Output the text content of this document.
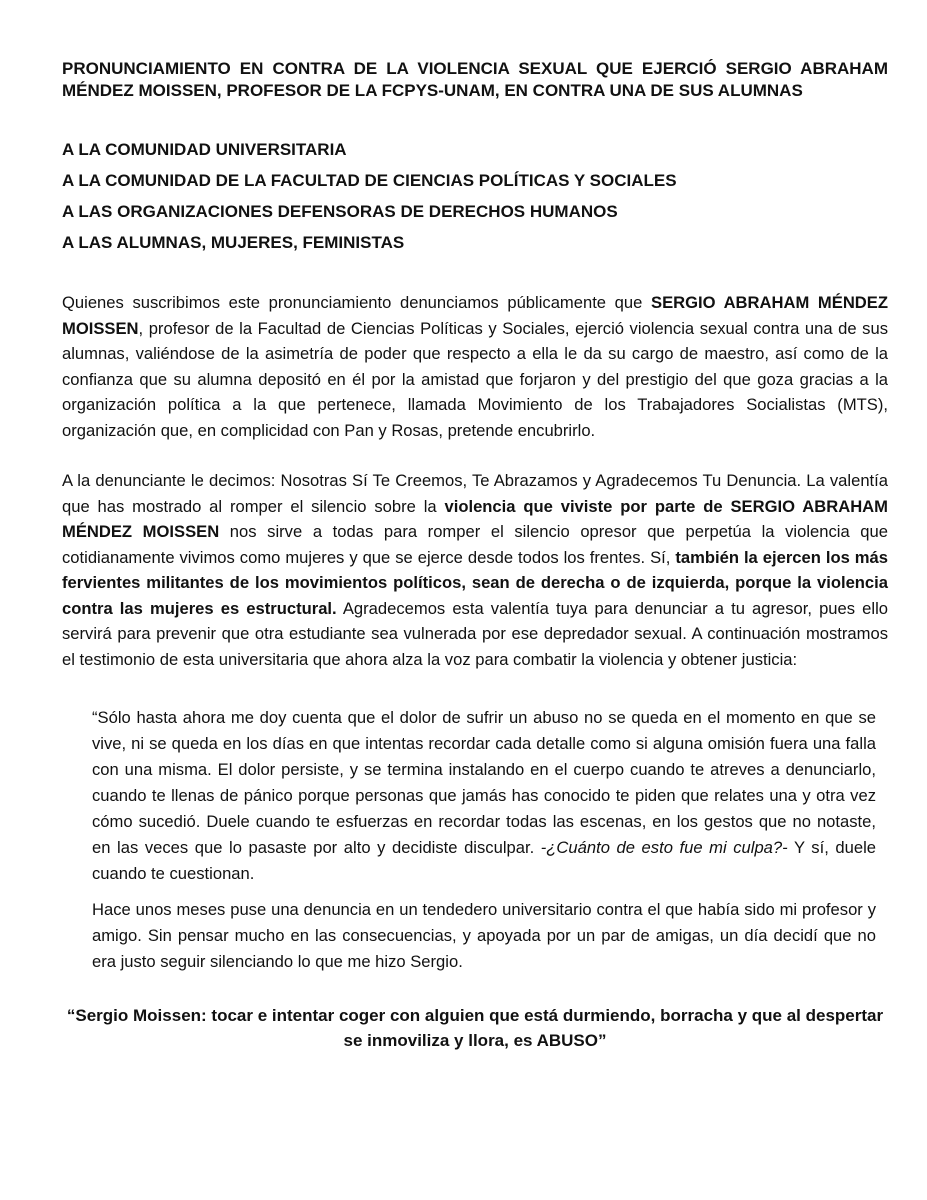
PRONUNCIAMIENTO EN CONTRA DE LA VIOLENCIA SEXUAL QUE EJERCIÓ SERGIO ABRAHAM MÉNDEZ MOISSEN, PROFESOR DE LA FCPYS-UNAM, EN CONTRA UNA DE SUS ALUMNAS

A LA COMUNIDAD UNIVERSITARIA

A LA COMUNIDAD DE LA FACULTAD DE CIENCIAS POLÍTICAS Y SOCIALES

A LAS ORGANIZACIONES DEFENSORAS DE DERECHOS HUMANOS

A LAS ALUMNAS, MUJERES, FEMINISTAS

Quienes suscribimos este pronunciamiento denunciamos públicamente que SERGIO ABRAHAM MÉNDEZ MOISSEN, profesor de la Facultad de Ciencias Políticas y Sociales, ejerció violencia sexual contra una de sus alumnas, valiéndose de la asimetría de poder que respecto a ella le da su cargo de maestro, así como de la confianza que su alumna depositó en él por la amistad que forjaron y del prestigio del que goza gracias a la organización política a la que pertenece, llamada Movimiento de los Trabajadores Socialistas (MTS), organización que, en complicidad con Pan y Rosas, pretende encubrirlo.

A la denunciante le decimos: Nosotras Sí Te Creemos, Te Abrazamos y Agradecemos Tu Denuncia. La valentía que has mostrado al romper el silencio sobre la violencia que viviste por parte de SERGIO ABRAHAM MÉNDEZ MOISSEN nos sirve a todas para romper el silencio opresor que perpetúa la violencia que cotidianamente vivimos como mujeres y que se ejerce desde todos los frentes. Sí, también la ejercen los más fervientes militantes de los movimientos políticos, sean de derecha o de izquierda, porque la violencia contra las mujeres es estructural. Agradecemos esta valentía tuya para denunciar a tu agresor, pues ello servirá para prevenir que otra estudiante sea vulnerada por ese depredador sexual. A continuación mostramos el testimonio de esta universitaria que ahora alza la voz para combatir la violencia y obtener justicia:

“Sólo hasta ahora me doy cuenta que el dolor de sufrir un abuso no se queda en el momento en que se vive, ni se queda en los días en que intentas recordar cada detalle como si alguna omisión fuera una falla con una misma. El dolor persiste, y se termina instalando en el cuerpo cuando te atreves a denunciarlo, cuando te llenas de pánico porque personas que jamás has conocido te piden que relates una y otra vez cómo sucedió. Duele cuando te esfuerzas en recordar todas las escenas, en los gestos que no notaste, en las veces que lo pasaste por alto y decidiste disculpar. -¿Cuánto de esto fue mi culpa?- Y sí, duele cuando te cuestionan.

Hace unos meses puse una denuncia en un tendedero universitario contra el que había sido mi profesor y amigo. Sin pensar mucho en las consecuencias, y apoyada por un par de amigas, un día decidí que no era justo seguir silenciando lo que me hizo Sergio.

“Sergio Moissen: tocar e intentar coger con alguien que está durmiendo, borracha y que al despertar se inmoviliza y llora, es ABUSO”
